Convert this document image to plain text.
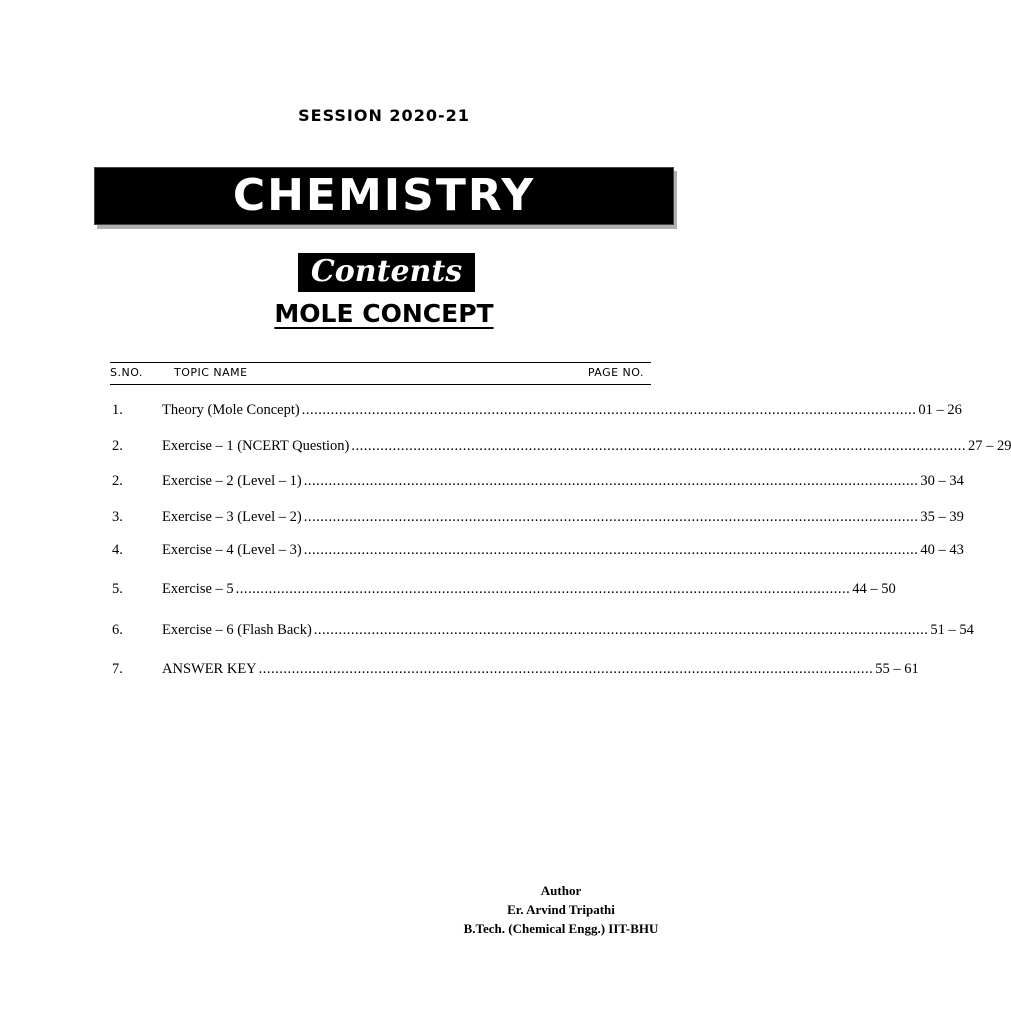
SESSION 2020-21
CHEMISTRY
Contents
MOLE CONCEPT
S.NO.	TOPIC NAME	PAGE NO.
1.	Theory (Mole Concept) ..................................................................................................................................................... 01 – 26
2.	Exercise – 1 (NCERT Question) ..................................................................................................................................................... 27 – 29
2.	Exercise – 2 (Level – 1) ..................................................................................................................................................... 30 – 34
3.	Exercise – 3 (Level – 2) ..................................................................................................................................................... 35 – 39
4.	Exercise – 4 (Level – 3) ..................................................................................................................................................... 40 – 43
5.	Exercise – 5 ..................................................................................................................................................... 44 – 50
6.	Exercise – 6 (Flash Back) ..................................................................................................................................................... 51 – 54
7.	ANSWER KEY ..................................................................................................................................................... 55 – 61
Author
Er. Arvind Tripathi
B.Tech. (Chemical Engg.) IIT-BHU
